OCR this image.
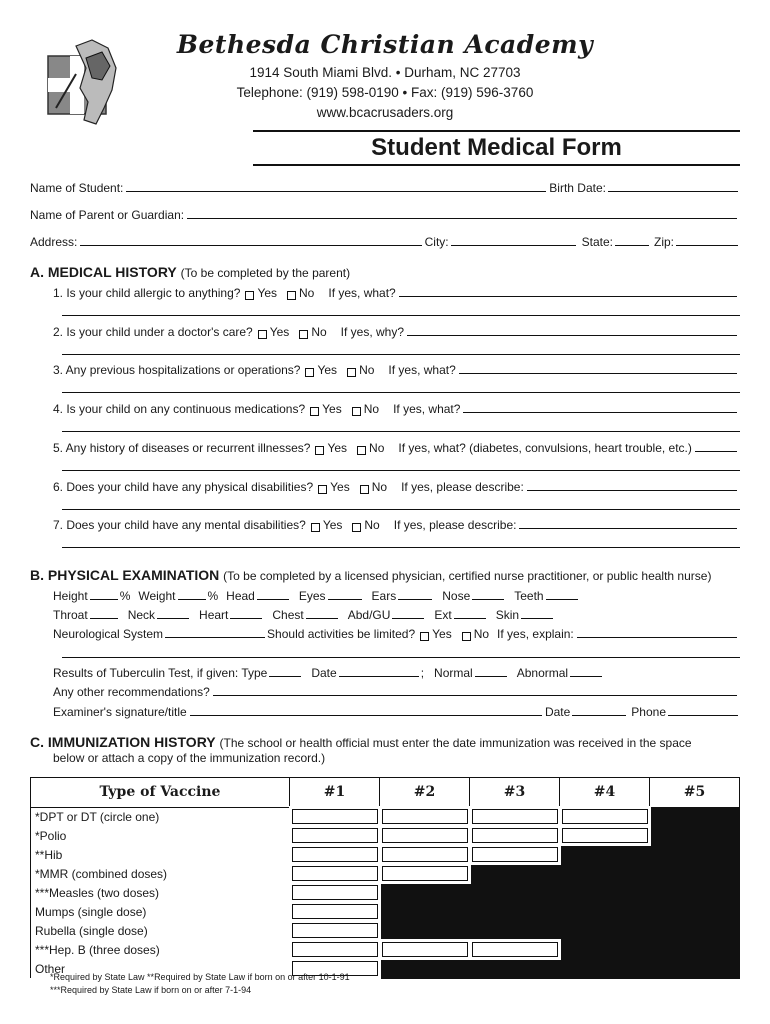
Bethesda Christian Academy
1914 South Miami Blvd. • Durham, NC 27703
Telephone: (919) 598-0190 • Fax: (919) 596-3760
www.bcacrusaders.org
Student Medical Form
Name of Student:	Birth Date:
Name of Parent or Guardian:
Address:	City:	State:	Zip:
A. MEDICAL HISTORY (To be completed by the parent)
1. Is your child allergic to anything? Yes No If yes, what?
2. Is your child under a doctor's care? Yes No If yes, why?
3. Any previous hospitalizations or operations? Yes No If yes, what?
4. Is your child on any continuous medications? Yes No If yes, what?
5. Any history of diseases or recurrent illnesses? Yes No If yes, what? (diabetes, convulsions, heart trouble, etc.)
6. Does your child have any physical disabilities? Yes No If yes, please describe:
7. Does your child have any mental disabilities? Yes No If yes, please describe:
B. PHYSICAL EXAMINATION (To be completed by a licensed physician, certified nurse practitioner, or public health nurse)
Height	% Weight	% Head	Eyes	Ears	Nose	Teeth
Throat	Neck	Heart	Chest	Abd/GU	Ext	Skin
Neurological System	Should activities be limited? Yes No If yes, explain:
Results of Tuberculin Test, if given: Type	Date	; Normal	Abnormal
Any other recommendations?
Examiner's signature/title	Date	Phone
C. IMMUNIZATION HISTORY (The school or health official must enter the date immunization was received in the space
below or attach a copy of the immunization record.)
Type of Vaccine	#1	#2	#3	#4	#5
*DPT or DT (circle one)					
*Polio					
**Hib					
*MMR (combined doses)					
***Measles (two doses)					
Mumps (single dose)					
Rubella (single dose)					
***Hep. B (three doses)					
Other					
*Required by State Law **Required by State Law if born on or after 10-1-91
***Required by State Law if born on or after 7-1-94
